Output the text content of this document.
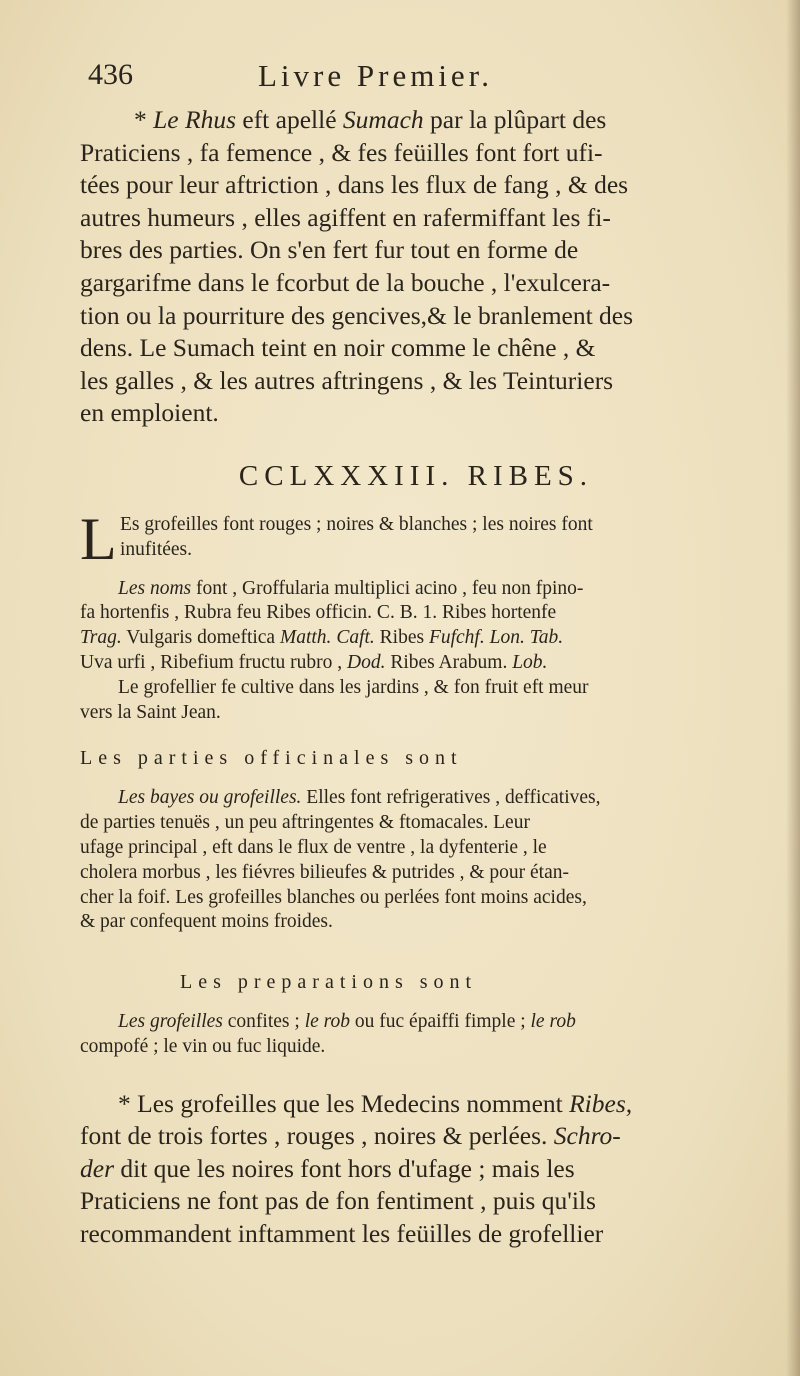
436	Livre Premier.

* Le Rhus eft apellé Sumach par la plûpart des
Praticiens , fa femence , & fes feüilles font fort ufi-
tées pour leur aftriction , dans les flux de fang , & des
autres humeurs , elles agiffent en rafermiffant les fi-
bres des parties. On s'en fert fur tout en forme de
gargarifme dans le fcorbut de la bouche , l'exulcera-
tion ou la pourriture des gencives,& le branlement des
dens. Le Sumach teint en noir comme le chêne , &
les galles , & les autres aftringens , & les Teinturiers
en emploient.

CCLXXXIII. RIBES.
L Es grofeilles font rouges ; noires & blanches ; les noires font
inufitées.
Les noms font , Groffularia multiplici acino , feu non fpino-
fa hortenfis , Rubra feu Ribes officin. C. B. 1. Ribes hortenfe
Trag. Vulgaris domeftica Matth. Caft. Ribes Fufchf. Lon. Tab.
Uva urfi , Ribefium fructu rubro , Dod. Ribes Arabum. Lob.
Le grofellier fe cultive dans les jardins , & fon fruit eft meur
vers la Saint Jean.
Les parties officinales sont
Les bayes ou grofeilles. Elles font refrigeratives , defficatives,
de parties tenuës , un peu aftringentes & ftomacales. Leur
ufage principal , eft dans le flux de ventre , la dyfenterie , le
cholera morbus , les fiévres bilieufes & putrides , & pour étan-
cher la foif. Les grofeilles blanches ou perlées font moins acides,
& par confequent moins froides.
Les preparations sont
Les grofeilles confites ; le rob ou fuc épaiffi fimple ; le rob
compofé ; le vin ou fuc liquide.

* Les grofeilles que les Medecins nomment Ribes,
font de trois fortes , rouges , noires & perlées. Schro-
der dit que les noires font hors d'ufage ; mais les
Praticiens ne font pas de fon fentiment , puis qu'ils
recommandent inftamment les feüilles de grofellier
